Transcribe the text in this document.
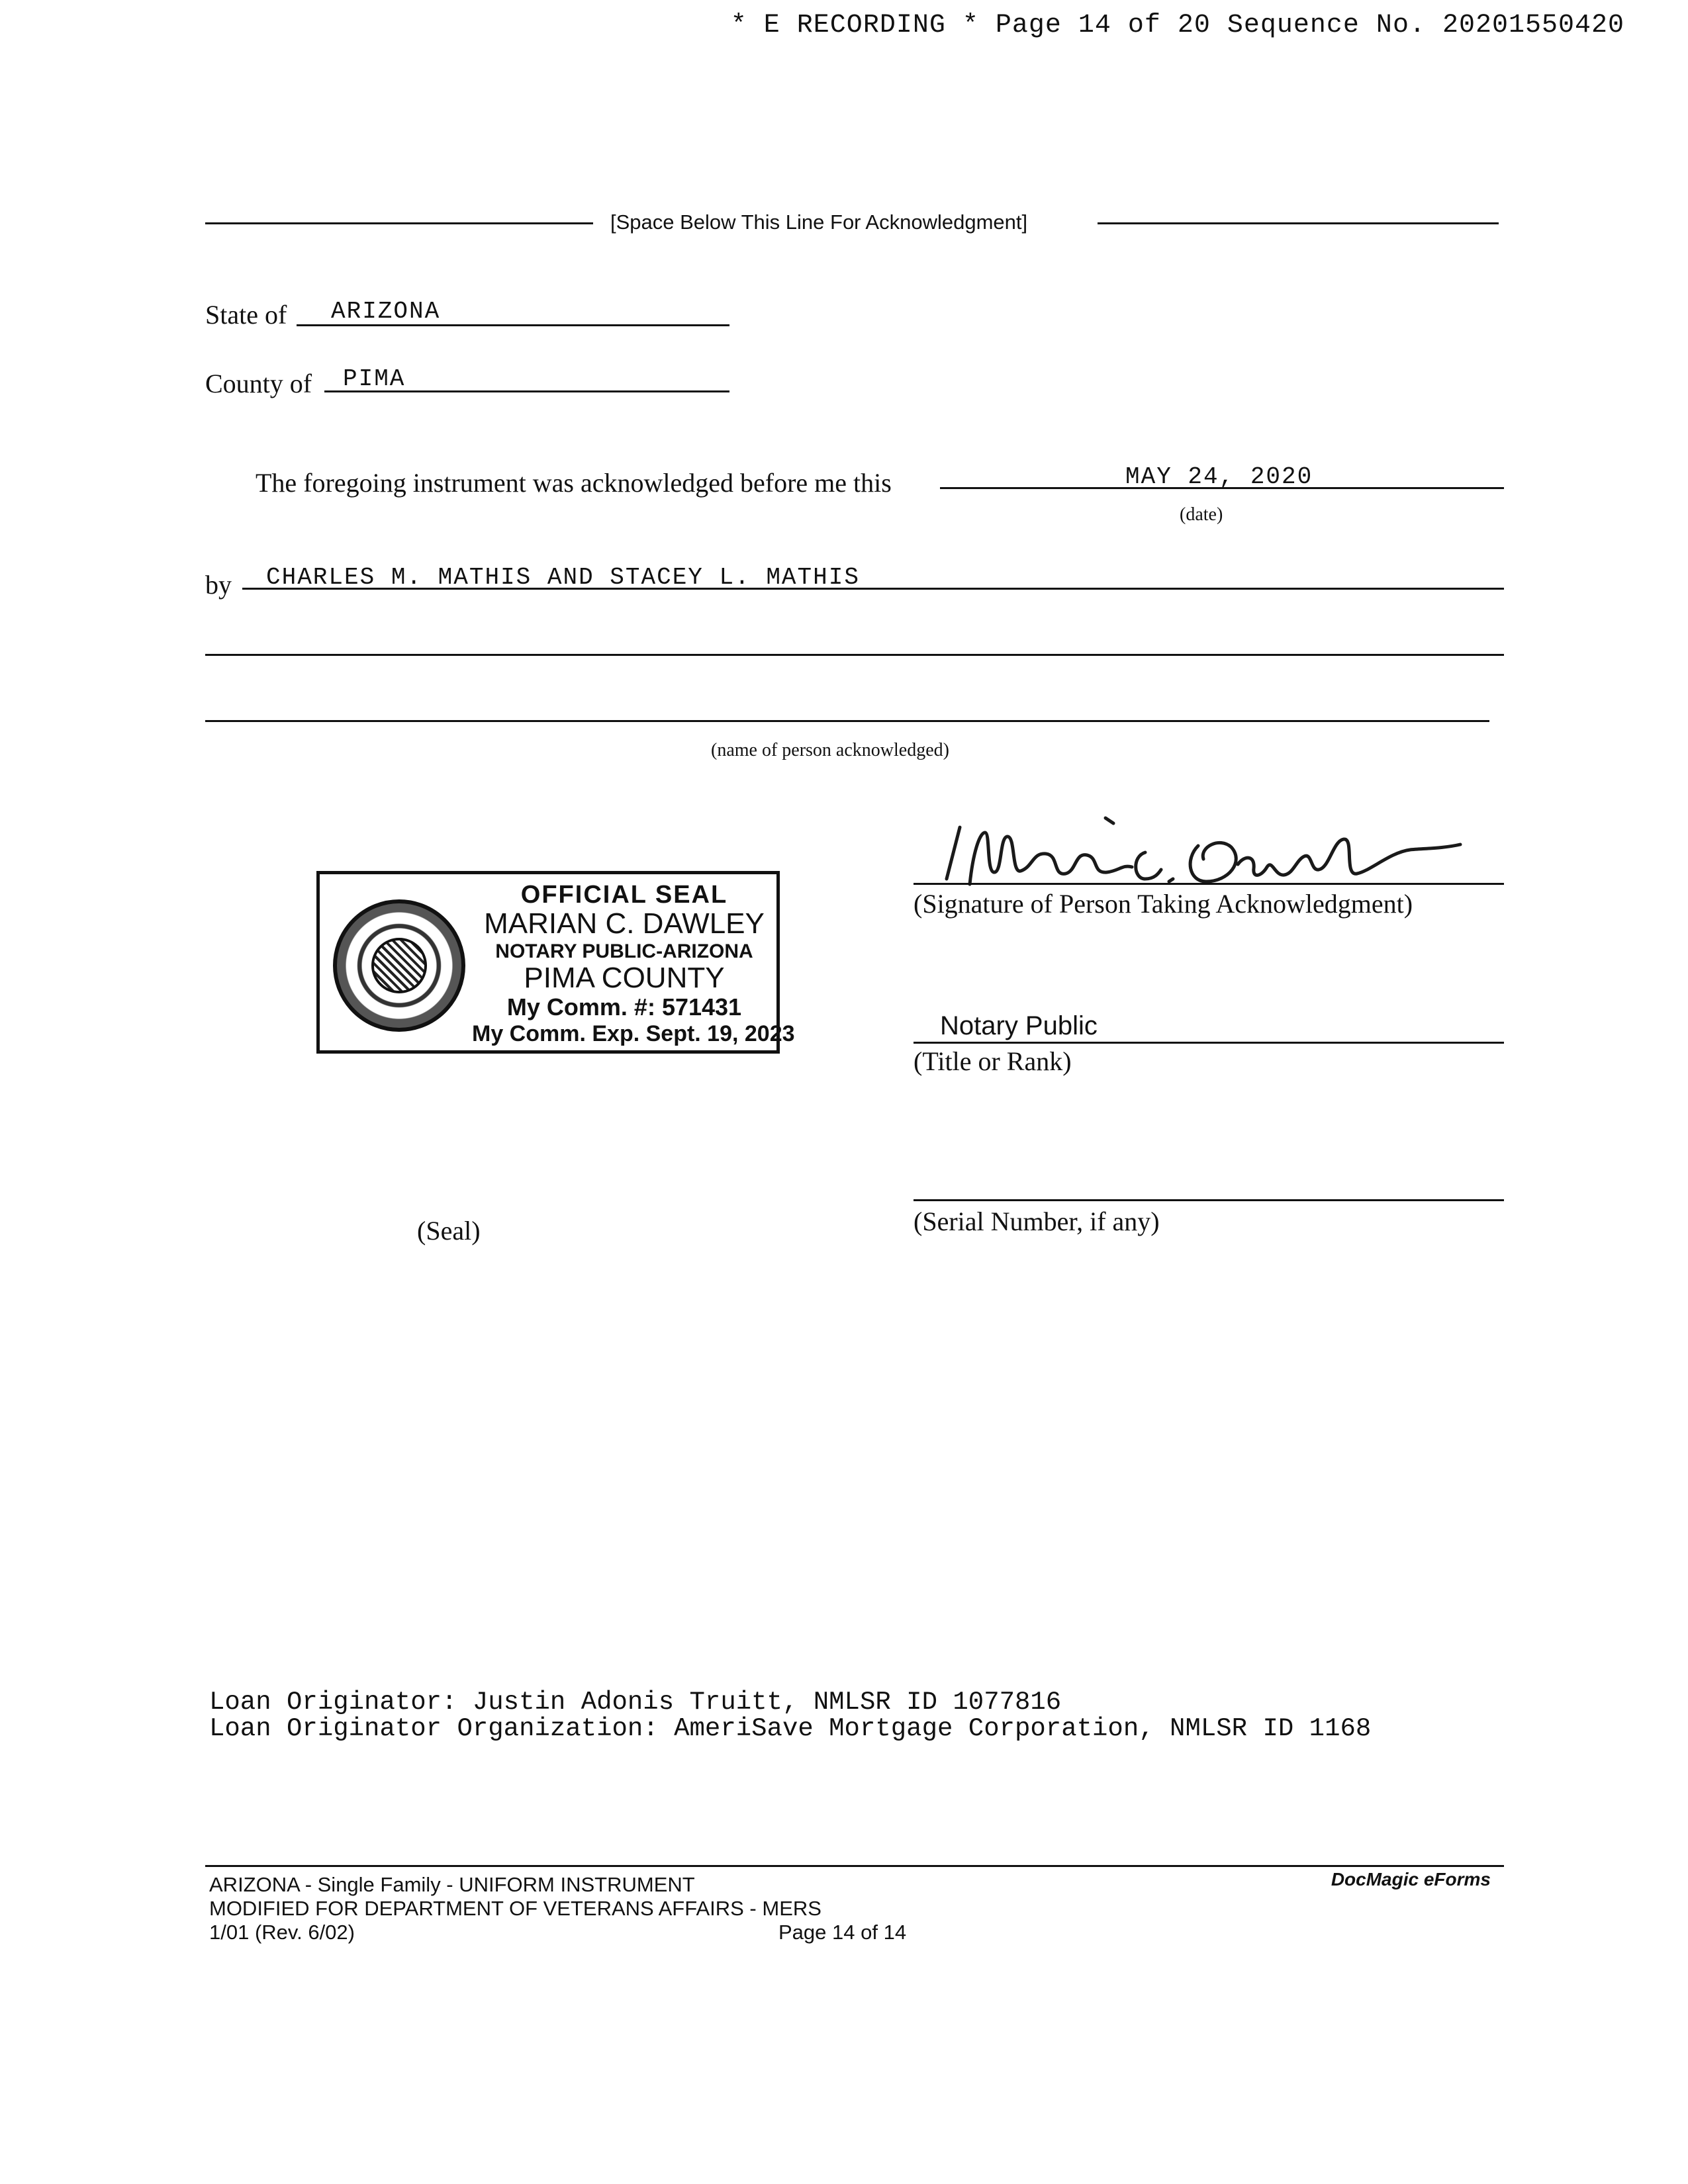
* E RECORDING * Page 14 of 20 Sequence No. 20201550420
[Space Below This Line For Acknowledgment]
State of ARIZONA
County of PIMA
The foregoing instrument was acknowledged before me this	MAY 24, 2020
(date)
by CHARLES M. MATHIS AND STACEY L. MATHIS
(name of person acknowledged)
OFFICIAL SEAL
MARIAN C. DAWLEY
NOTARY PUBLIC-ARIZONA
PIMA COUNTY
My Comm. #: 571431
My Comm. Exp. Sept. 19, 2023
(Seal)
(Signature of Person Taking Acknowledgment)
Notary Public
(Title or Rank)
(Serial Number, if any)
Loan Originator: Justin Adonis Truitt, NMLSR ID 1077816
Loan Originator Organization: AmeriSave Mortgage Corporation, NMLSR ID 1168
ARIZONA - Single Family - UNIFORM INSTRUMENT
MODIFIED FOR DEPARTMENT OF VETERANS AFFAIRS - MERS
1/01 (Rev. 6/02)	Page 14 of 14
DocMagic eForms
